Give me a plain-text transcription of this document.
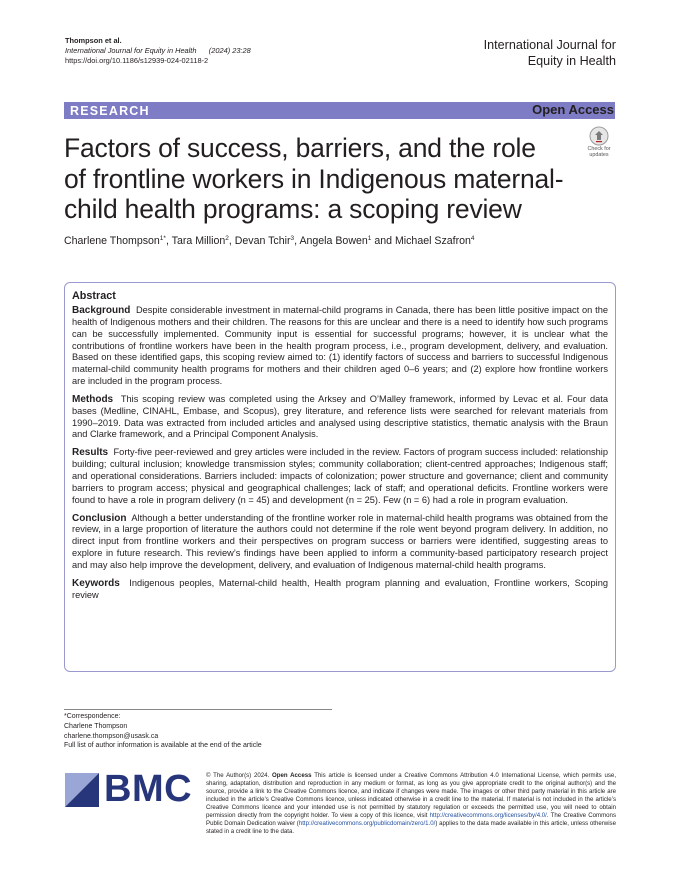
Thompson et al.
International Journal for Equity in Health (2024) 23:28
https://doi.org/10.1186/s12939-024-02118-2
International Journal for
Equity in Health
RESEARCH	Open Access
Check for
updates
Factors of success, barriers, and the role
of frontline workers in Indigenous maternal-
child health programs: a scoping review
Charlene Thompson$^{1*}$, Tara Million$^2$, Devan Tchir$^3$, Angela Bowen$^1$ and Michael Szafron$^4$
Abstract

Background Despite considerable investment in maternal-child programs in Canada, there has been little positive impact on the health of Indigenous mothers and their children. The reasons for this are unclear and there is a need to identify how such programs can be successfully implemented. Community input is essential for successful programs; however, it is unclear what the contributions of frontline workers have been in the health program process, i.e., program development, delivery, and evaluation. Based on these identified gaps, this scoping review aimed to: (1) identify factors of success and barriers to successful Indigenous maternal-child community health programs for mothers and their children aged 0–6 years; and (2) explore how frontline workers are included in the program process.

Methods This scoping review was completed using the Arksey and O’Malley framework, informed by Levac et al. Four data bases (Medline, CINAHL, Embase, and Scopus), grey literature, and reference lists were searched for relevant materials from 1990–2019. Data was extracted from included articles and analysed using descriptive statistics, thematic analysis with the Braun and Clarke framework, and a Principal Component Analysis.

Results Forty-five peer-reviewed and grey articles were included in the review. Factors of program success included: relationship building; cultural inclusion; knowledge transmission styles; community collaboration; client-centred approaches; Indigenous staff; and operational considerations. Barriers included: impacts of colonization; power structure and governance; client and community barriers to program access; physical and geographical challenges; lack of staff; and operational deficits. Frontline workers were found to have a role in program delivery (n = 45) and development (n = 25). Few (n = 6) had a role in program evaluation.

Conclusion Although a better understanding of the frontline worker role in maternal-child health programs was obtained from the review, in a large proportion of literature the authors could not determine if the role went beyond program delivery. In addition, no direct input from frontline workers and their perspectives on program success or barriers were identified, suggesting areas to explore in future research. This review’s findings have been applied to inform a community-based participatory research project and may also help improve the development, delivery, and evaluation of Indigenous maternal-child health programs.

Keywords Indigenous peoples, Maternal-child health, Health program planning and evaluation, Frontline workers, Scoping review

*Correspondence:
Charlene Thompson
charlene.thompson@usask.ca
Full list of author information is available at the end of the article
BMC © The Author(s) 2024. Open Access This article is licensed under a Creative Commons Attribution 4.0 International License, which permits use, sharing, adaptation, distribution and reproduction in any medium or format, as long as you give appropriate credit to the original author(s) and the source, provide a link to the Creative Commons licence, and indicate if changes were made. The images or other third party material in this article are included in the article’s Creative Commons licence, unless indicated otherwise in a credit line to the material. If material is not included in the article’s Creative Commons licence and your intended use is not permitted by statutory regulation or exceeds the permitted use, you will need to obtain permission directly from the copyright holder. To view a copy of this licence, visit http://creativecommons.org/licenses/by/4.0/. The Creative Commons Public Domain Dedication waiver (http://creativecommons.org/publicdomain/zero/1.0/) applies to the data made available in this article, unless otherwise stated in a credit line to the data.
